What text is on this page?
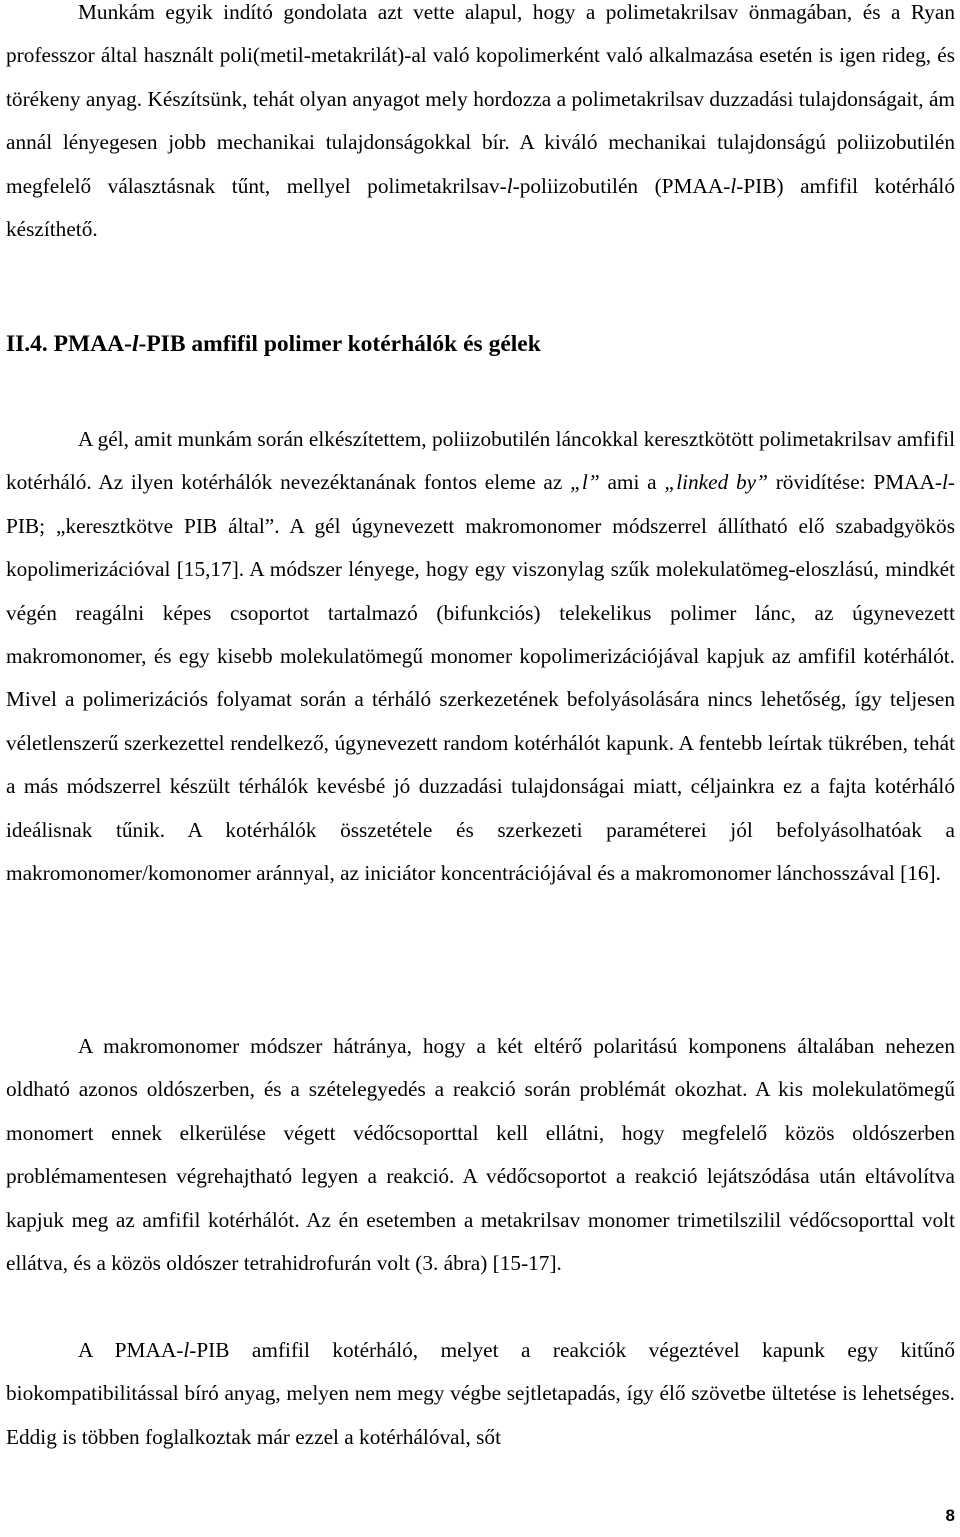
Munkám egyik indító gondolata azt vette alapul, hogy a polimetakrilsav önmagában, és a Ryan professzor által használt poli(metil-metakrilát)-al való kopolimerként való alkalmazása esetén is igen rideg, és törékeny anyag. Készítsünk, tehát olyan anyagot mely hordozza a polimetakrilsav duzzadási tulajdonságait, ám annál lényegesen jobb mechanikai tulajdonságokkal bír. A kiváló mechanikai tulajdonságú poliizobutilén megfelelő választásnak tűnt, mellyel polimetakrilsav-l-poliizobutilén (PMAA-l-PIB) amfifil kotérháló készíthető.

II.4. PMAA-l-PIB amfifil polimer kotérhálók és gélek

A gél, amit munkám során elkészítettem, poliizobutilén láncokkal keresztkötött polimetakrilsav amfifil kotérháló. Az ilyen kotérhálók nevezéktanának fontos eleme az „l” ami a „linked by” rövidítése: PMAA-l-PIB; „keresztkötve PIB által”. A gél úgynevezett makromonomer módszerrel állítható elő szabadgyökös kopolimerizációval [15,17]. A módszer lényege, hogy egy viszonylag szűk molekulatömeg-eloszlású, mindkét végén reagálni képes csoportot tartalmazó (bifunkciós) telekelikus polimer lánc, az úgynevezett makromonomer, és egy kisebb molekulatömegű monomer kopolimerizációjával kapjuk az amfifil kotérhálót. Mivel a polimerizációs folyamat során a térháló szerkezetének befolyásolására nincs lehetőség, így teljesen véletlenszerű szerkezettel rendelkező, úgynevezett random kotérhálót kapunk. A fentebb leírtak tükrében, tehát a más módszerrel készült térhálók kevésbé jó duzzadási tulajdonságai miatt, céljainkra ez a fajta kotérháló ideálisnak tűnik. A kotérhálók összetétele és szerkezeti paraméterei jól befolyásolhatóak a makromonomer/komonomer aránnyal, az iniciátor koncentrációjával és a makromonomer lánchosszával [16].

A makromonomer módszer hátránya, hogy a két eltérő polaritású komponens általában nehezen oldható azonos oldószerben, és a szételegyedés a reakció során problémát okozhat. A kis molekulatömegű monomert ennek elkerülése végett védőcsoporttal kell ellátni, hogy megfelelő közös oldószerben problémamentesen végrehajtható legyen a reakció. A védőcsoportot a reakció lejátszódása után eltávolítva kapjuk meg az amfifil kotérhálót. Az én esetemben a metakrilsav monomer trimetilszilil védőcsoporttal volt ellátva, és a közös oldószer tetrahidrofurán volt (3. ábra) [15-17].

A PMAA-l-PIB amfifil kotérháló, melyet a reakciók végeztével kapunk egy kitűnő biokompatibilitással bíró anyag, melyen nem megy végbe sejtletapadás, így élő szövetbe ültetése is lehetséges. Eddig is többen foglalkoztak már ezzel a kotérhálóval, sőt

8
